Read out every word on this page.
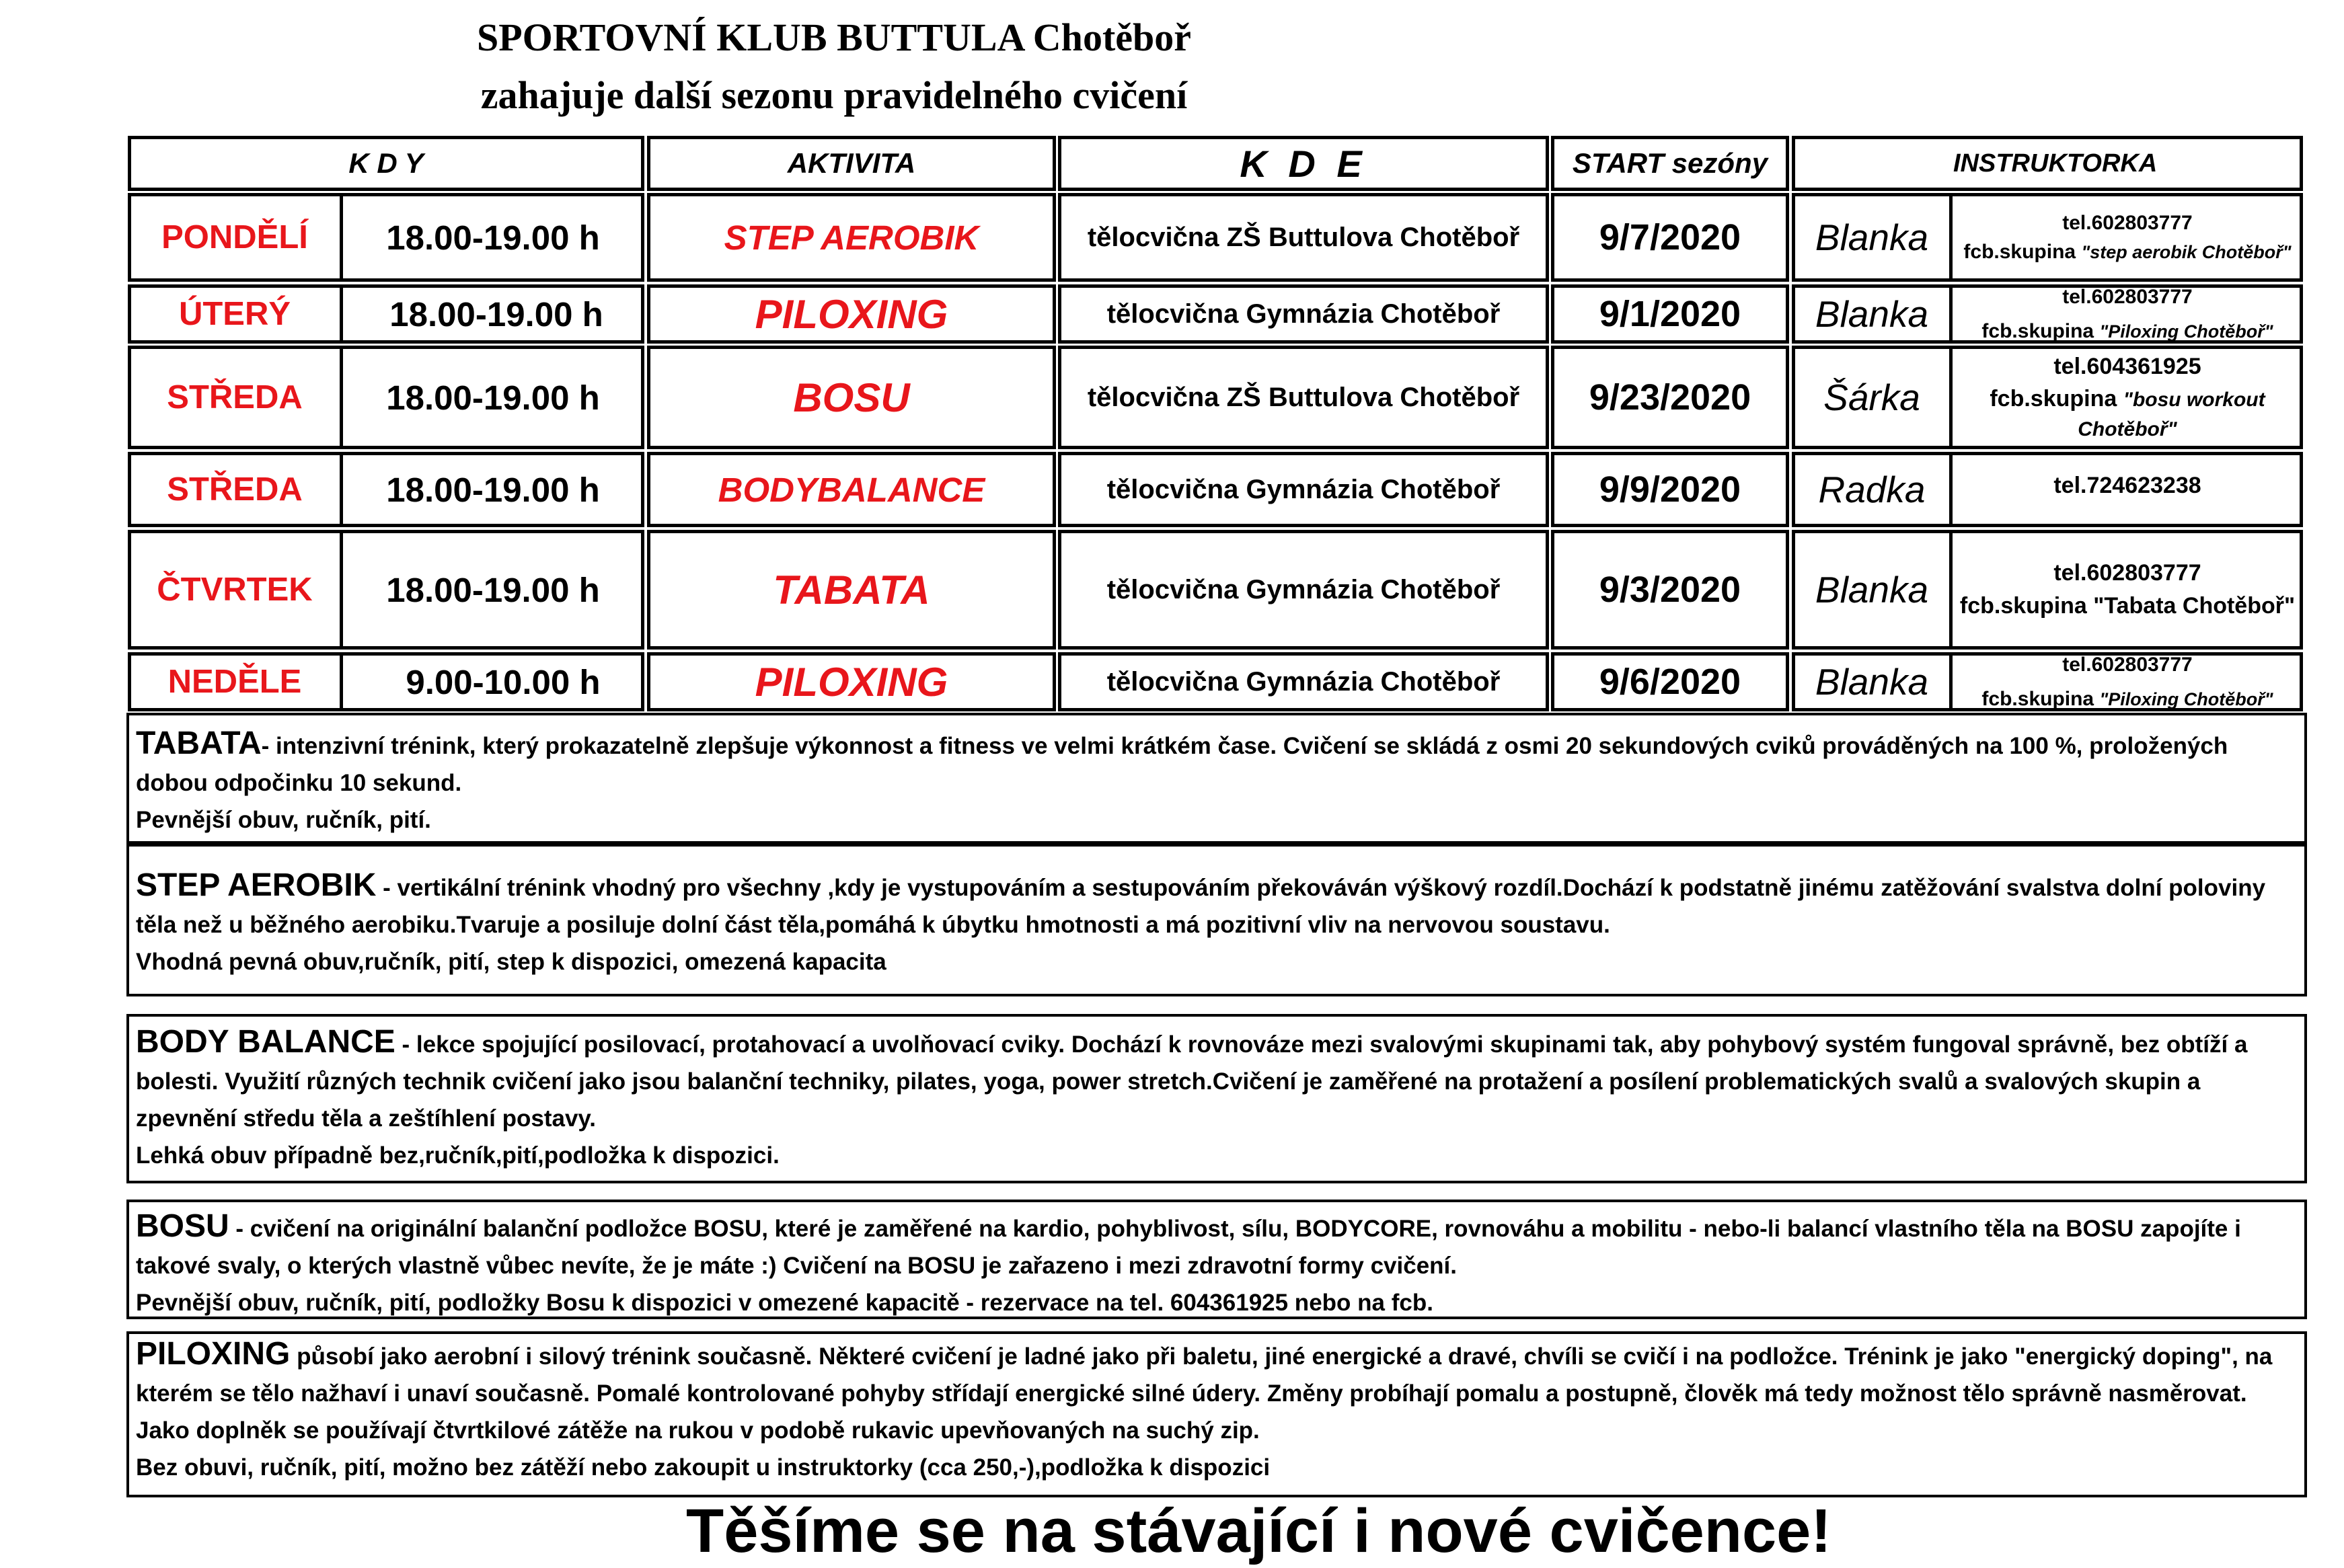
SPORTOVNÍ KLUB BUTTULA Chotěboř
zahajuje další sezonu pravidelného cvičení
K D Y	AKTIVITA	K D E	START sezóny	INSTRUKTORKA
PONDĚLÍ	18.00-19.00 h	STEP AEROBIK	tělocvična ZŠ Buttulova Chotěboř	9/7/2020	Blanka	tel.602803777
fcb.skupina "step aerobik Chotěboř"
ÚTERÝ	18.00-19.00 h	PILOXING	tělocvična Gymnázia Chotěboř	9/1/2020	Blanka	tel.602803777
fcb.skupina "Piloxing Chotěboř"
STŘEDA	18.00-19.00 h	BOSU	tělocvična ZŠ Buttulova Chotěboř	9/23/2020	Šárka
tel.604361925
fcb.skupina "bosu workout
Chotěboř"
STŘEDA	18.00-19.00 h	BODYBALANCE	tělocvična Gymnázia Chotěboř	9/9/2020	Radka	tel.724623238
ČTVRTEK	18.00-19.00 h	TABATA	tělocvična Gymnázia Chotěboř	9/3/2020	Blanka	tel.602803777
fcb.skupina "Tabata Chotěboř"
NEDĚLE	9.00-10.00 h	PILOXING	tělocvična Gymnázia Chotěboř	9/6/2020	Blanka	tel.602803777
fcb.skupina "Piloxing Chotěboř"

TABATA- intenzivní trénink, který prokazatelně zlepšuje výkonnost a fitness ve velmi krátkém čase. Cvičení se skládá z osmi 20 sekundových cviků prováděných na 100 %, proložených dobou odpočinku 10 sekund.

Pevnější obuv, ručník, pití.

STEP AEROBIK - vertikální trénink vhodný pro všechny ,kdy je vystupováním a sestupováním překováván výškový rozdíl.Dochází k podstatně jinému zatěžování svalstva dolní poloviny těla než u běžného aerobiku.Tvaruje a posiluje dolní část těla,pomáhá k úbytku hmotnosti a má pozitivní vliv na nervovou soustavu.

Vhodná pevná obuv,ručník, pití, step k dispozici, omezená kapacita

BODY BALANCE - lekce spojující posilovací, protahovací a uvolňovací cviky. Dochází k rovnováze mezi svalovými skupinami tak, aby pohybový systém fungoval správně, bez obtíží a bolesti. Využití různých technik cvičení jako jsou balanční techniky, pilates, yoga, power stretch.Cvičení je zaměřené na protažení a posílení problematických svalů a svalových skupin a zpevnění středu těla a zeštíhlení postavy.

Lehká obuv případně bez,ručník,pití,podložka k dispozici.

BOSU - cvičení na originální balanční podložce BOSU, které je zaměřené na kardio, pohyblivost, sílu, BODYCORE, rovnováhu a mobilitu - nebo-li balancí vlastního těla na BOSU zapojíte i takové svaly, o kterých vlastně vůbec nevíte, že je máte :) Cvičení na BOSU je zařazeno i mezi zdravotní formy cvičení.

Pevnější obuv, ručník, pití, podložky Bosu k dispozici v omezené kapacitě - rezervace na tel. 604361925 nebo na fcb.

PILOXING působí jako aerobní i silový trénink současně. Některé cvičení je ladné jako při baletu, jiné energické a dravé, chvíli se cvičí i na podložce. Trénink je jako "energický doping", na kterém se tělo nažhaví i unaví současně. Pomalé kontrolované pohyby střídají energické silné údery. Změny probíhají pomalu a postupně, člověk má tedy možnost tělo správně nasměrovat. Jako doplněk se používají čtvrtkilové zátěže na rukou v podobě rukavic upevňovaných na suchý zip.

Bez obuvi, ručník, pití, možno bez zátěží nebo zakoupit u instruktorky (cca 250,-),podložka k dispozici

Těšíme se na stávající i nové cvičence!
